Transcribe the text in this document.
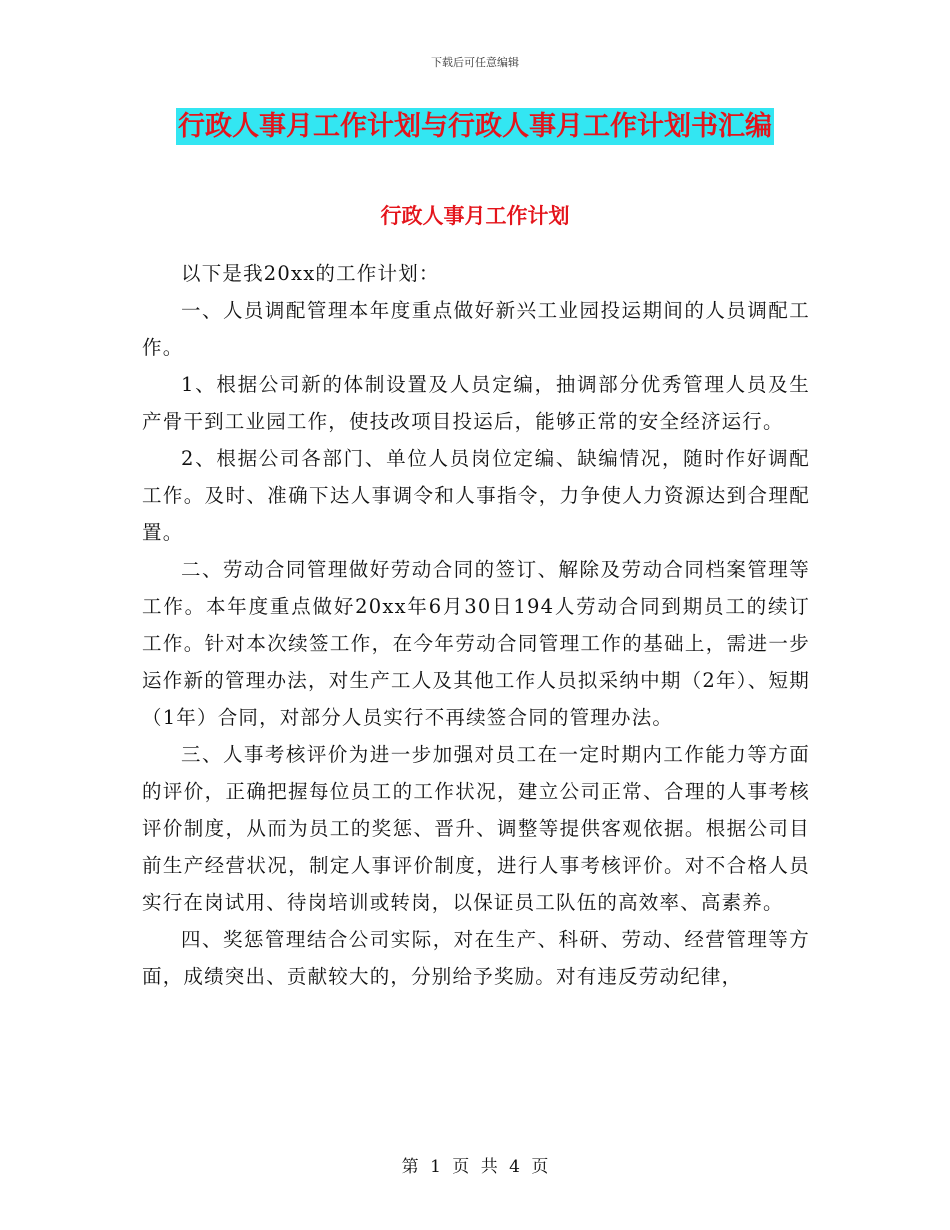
下载后可任意编辑
行政人事月工作计划与行政人事月工作计划书汇编
行政人事月工作计划

以下是我20xx的工作计划：

一、人员调配管理本年度重点做好新兴工业园投运期间的人员调配工作。

1、根据公司新的体制设置及人员定编，抽调部分优秀管理人员及生产骨干到工业园工作，使技改项目投运后，能够正常的安全经济运行。

2、根据公司各部门、单位人员岗位定编、缺编情况，随时作好调配工作。及时、准确下达人事调令和人事指令，力争使人力资源达到合理配置。

二、劳动合同管理做好劳动合同的签订、解除及劳动合同档案管理等工作。本年度重点做好20xx年6月30日194人劳动合同到期员工的续订工作。针对本次续签工作，在今年劳动合同管理工作的基础上，需进一步运作新的管理办法，对生产工人及其他工作人员拟采纳中期（2年）、短期（1年）合同，对部分人员实行不再续签合同的管理办法。

三、人事考核评价为进一步加强对员工在一定时期内工作能力等方面的评价，正确把握每位员工的工作状况，建立公司正常、合理的人事考核评价制度，从而为员工的奖惩、晋升、调整等提供客观依据。根据公司目前生产经营状况，制定人事评价制度，进行人事考核评价。对不合格人员实行在岗试用、待岗培训或转岗，以保证员工队伍的高效率、高素养。

四、奖惩管理结合公司实际，对在生产、科研、劳动、经营管理等方面，成绩突出、贡献较大的，分别给予奖励。对有违反劳动纪律，

第 1 页 共 4 页
